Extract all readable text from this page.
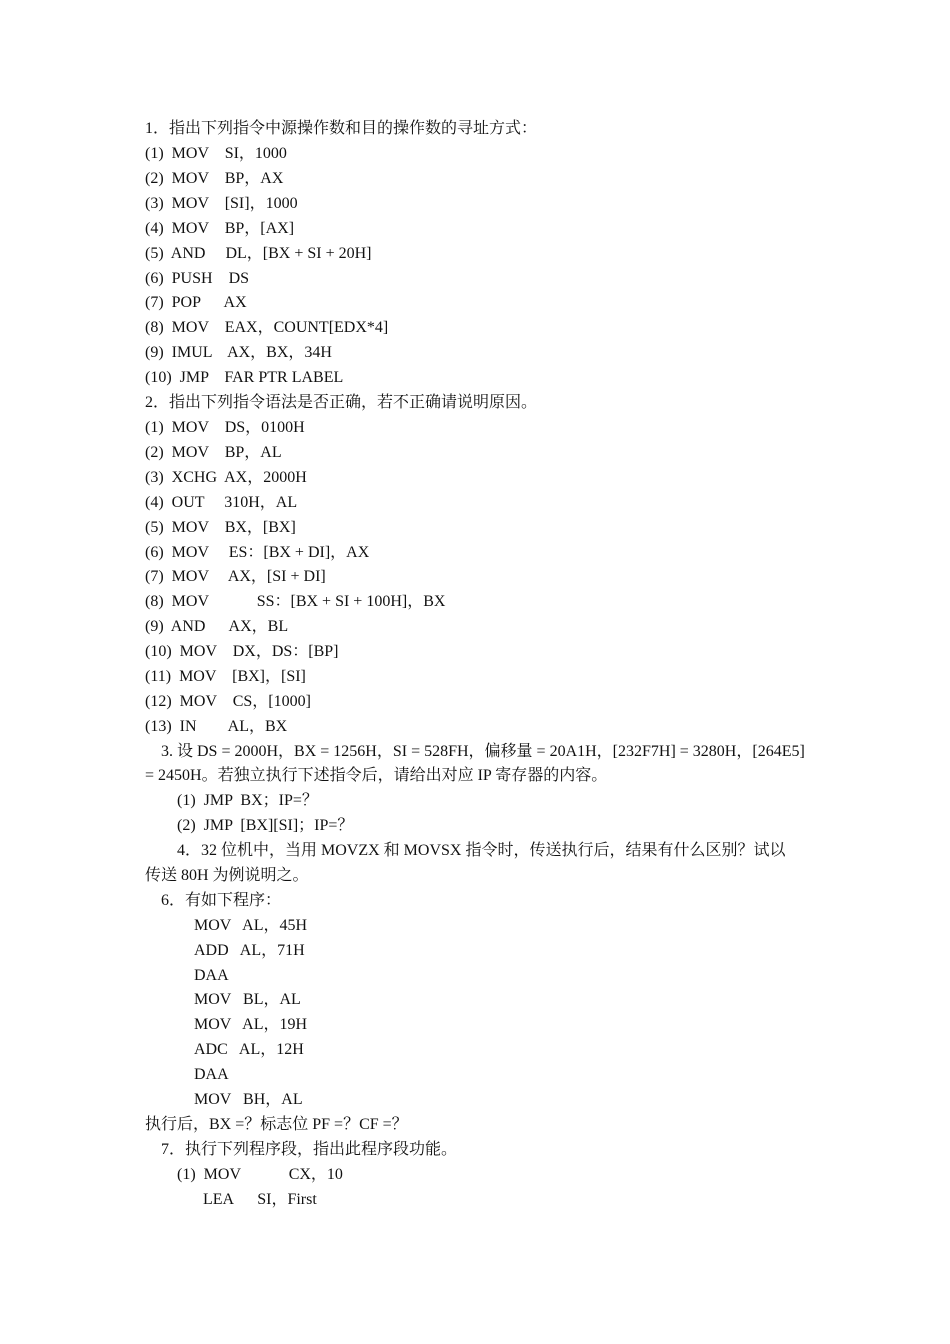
1．指出下列指令中源操作数和目的操作数的寻址方式：
(1)  MOV    SI，1000
(2)  MOV    BP，AX
(3)  MOV    [SI]，1000
(4)  MOV    BP，[AX]
(5)  AND     DL，[BX + SI + 20H]
(6)  PUSH    DS
(7)  POP      AX
(8)  MOV    EAX，COUNT[EDX*4]
(9)  IMUL    AX，BX，34H
(10)  JMP    FAR PTR LABEL
2．指出下列指令语法是否正确，若不正确请说明原因。
(1)  MOV    DS，0100H
(2)  MOV    BP，AL
(3)  XCHG  AX，2000H
(4)  OUT     310H，AL
(5)  MOV    BX，[BX]
(6)  MOV     ES：[BX + DI]，AX
(7)  MOV     AX，[SI + DI]
(8)  MOV            SS：[BX + SI + 100H]，BX
(9)  AND      AX，BL
(10)  MOV    DX，DS：[BP]
(11)  MOV    [BX]，[SI]
(12)  MOV    CS，[1000]
(13)  IN        AL，BX
3. 设 DS = 2000H，BX = 1256H，SI = 528FH，偏移量 = 20A1H，[232F7H] = 3280H，[264E5]
= 2450H。若独立执行下述指令后，请给出对应 IP 寄存器的内容。
(1)  JMP  BX；IP=？
(2)  JMP  [BX][SI]；IP=？
4．32 位机中，当用 MOVZX 和 MOVSX 指令时，传送执行后，结果有什么区别？试以
传送 80H 为例说明之。
6．有如下程序：
MOV   AL，45H
ADD   AL，71H
DAA
MOV   BL，AL
MOV   AL，19H
ADC   AL，12H
DAA
MOV   BH，AL
执行后，BX =？标志位 PF =？CF =？
7．执行下列程序段，指出此程序段功能。
(1)  MOV            CX，10
LEA      SI，First
